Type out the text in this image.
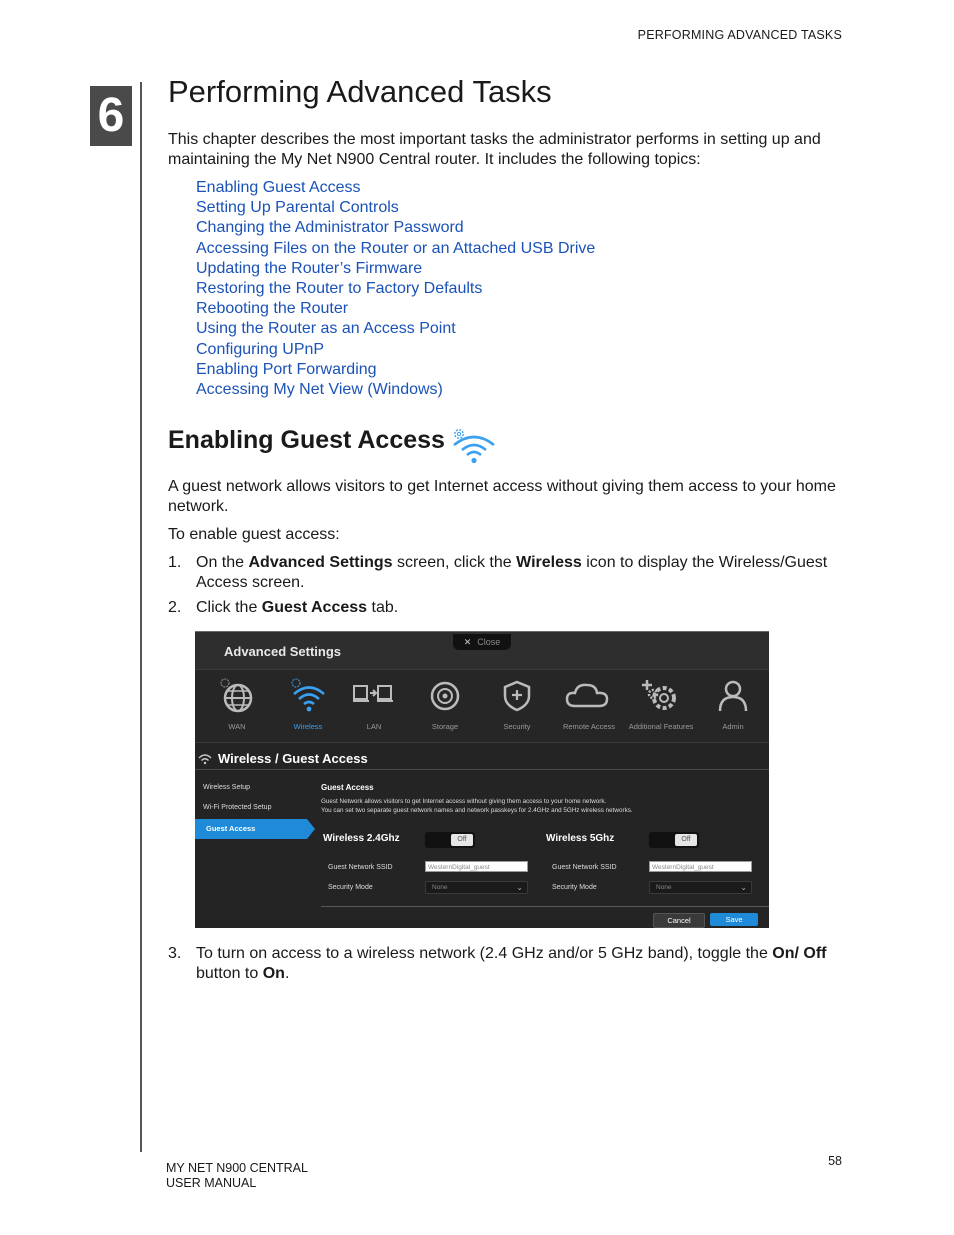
PERFORMING ADVANCED TASKS
6 Performing Advanced Tasks

This chapter describes the most important tasks the administrator performs in setting up and maintaining the My Net N900 Central router. It includes the following topics:

Enabling Guest Access
Setting Up Parental Controls
Changing the Administrator Password
Accessing Files on the Router or an Attached USB Drive
Updating the Router’s Firmware
Restoring the Router to Factory Defaults
Rebooting the Router
Using the Router as an Access Point
Configuring UPnP
Enabling Port Forwarding
Accessing My Net View (Windows)
Enabling Guest Access

A guest network allows visitors to get Internet access without giving them access to your home network.

To enable guest access:

1. On the Advanced Settings screen, click the Wireless icon to display the Wireless/Guest Access screen.
2. Click the Guest Access tab.
Advanced Settings
✕ Close
WAN	Wireless	LAN	Storage	Security	Remote Access	Additional Features	Admin
Wireless / Guest Access
Wireless Setup
Wi-Fi Protected Setup
Guest Access
Guest Access
Guest Network allows visitors to get Internet access without giving them access to your home network.
You can set two separate guest network names and network passkeys for 2.4GHz and 5GHz wireless networks.
Wireless 2.4Ghz	Off
Guest Network SSID	WesternDigital_guest
Security Mode	None	⌄
Wireless 5Ghz	Off
Guest Network SSID	WesternDigital_guest
Security Mode	None	⌄
Cancel	Save
3. To turn on access to a wireless network (2.4 GHz and/or 5 GHz band), toggle the On/ Off button to On.
MY NET N900 CENTRAL
USER MANUAL
58
